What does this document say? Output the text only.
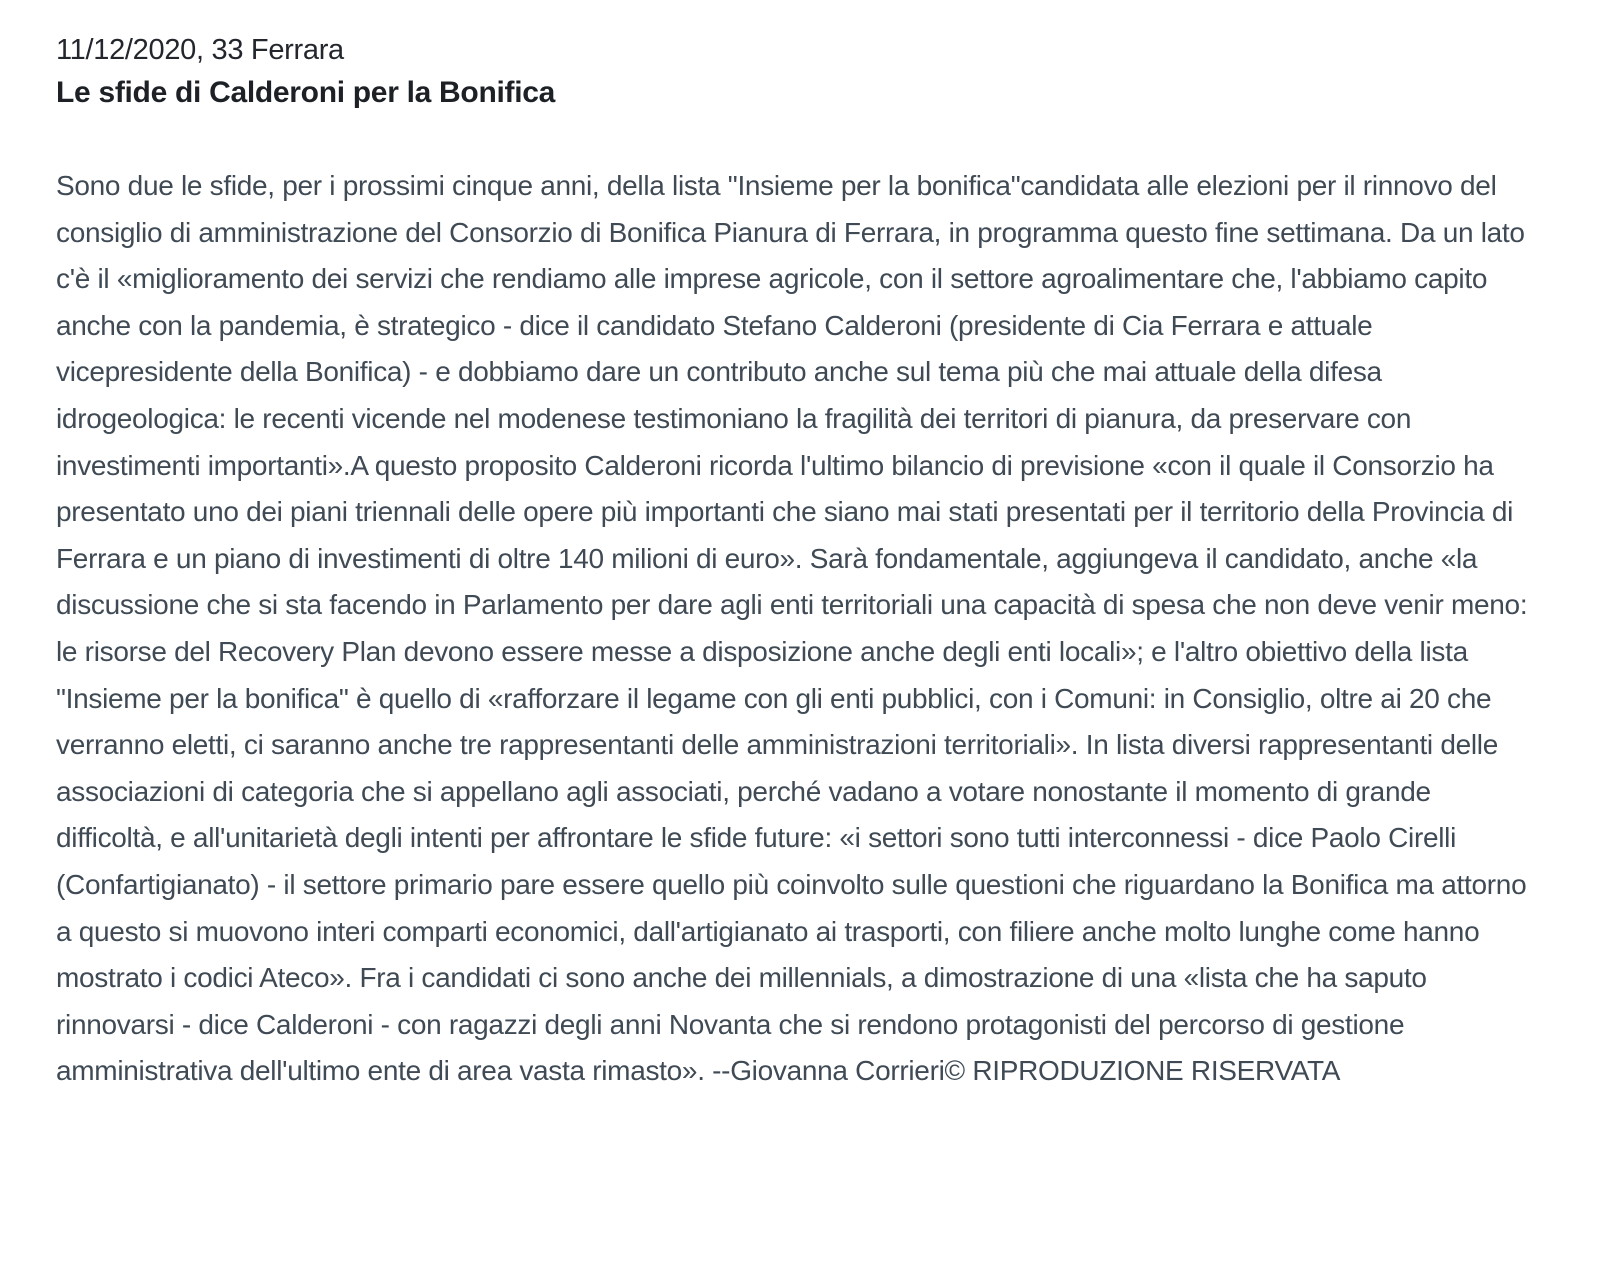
11/12/2020, 33 Ferrara
Le sfide di Calderoni per la Bonifica

Sono due le sfide, per i prossimi cinque anni, della lista "Insieme per la bonifica"candidata alle elezioni per il rinnovo del consiglio di amministrazione del Consorzio di Bonifica Pianura di Ferrara, in programma questo fine settimana. Da un lato c'è il «miglioramento dei servizi che rendiamo alle imprese agricole, con il settore agroalimentare che, l'abbiamo capito anche con la pandemia, è strategico - dice il candidato Stefano Calderoni (presidente di Cia Ferrara e attuale vicepresidente della Bonifica) - e dobbiamo dare un contributo anche sul tema più che mai attuale della difesa idrogeologica: le recenti vicende nel modenese testimoniano la fragilità dei territori di pianura, da preservare con investimenti importanti».A questo proposito Calderoni ricorda l'ultimo bilancio di previsione «con il quale il Consorzio ha presentato uno dei piani triennali delle opere più importanti che siano mai stati presentati per il territorio della Provincia di Ferrara e un piano di investimenti di oltre 140 milioni di euro». Sarà fondamentale, aggiungeva il candidato, anche «la discussione che si sta facendo in Parlamento per dare agli enti territoriali una capacità di spesa che non deve venir meno: le risorse del Recovery Plan devono essere messe a disposizione anche degli enti locali»; e l'altro obiettivo della lista "Insieme per la bonifica" è quello di «rafforzare il legame con gli enti pubblici, con i Comuni: in Consiglio, oltre ai 20 che verranno eletti, ci saranno anche tre rappresentanti delle amministrazioni territoriali». In lista diversi rappresentanti delle associazioni di categoria che si appellano agli associati, perché vadano a votare nonostante il momento di grande difficoltà, e all'unitarietà degli intenti per affrontare le sfide future: «i settori sono tutti interconnessi - dice Paolo Cirelli (Confartigianato) - il settore primario pare essere quello più coinvolto sulle questioni che riguardano la Bonifica ma attorno a questo si muovono interi comparti economici, dall'artigianato ai trasporti, con filiere anche molto lunghe come hanno mostrato i codici Ateco». Fra i candidati ci sono anche dei millennials, a dimostrazione di una «lista che ha saputo rinnovarsi - dice Calderoni - con ragazzi degli anni Novanta che si rendono protagonisti del percorso di gestione amministrativa dell'ultimo ente di area vasta rimasto». --Giovanna Corrieri© RIPRODUZIONE RISERVATA
